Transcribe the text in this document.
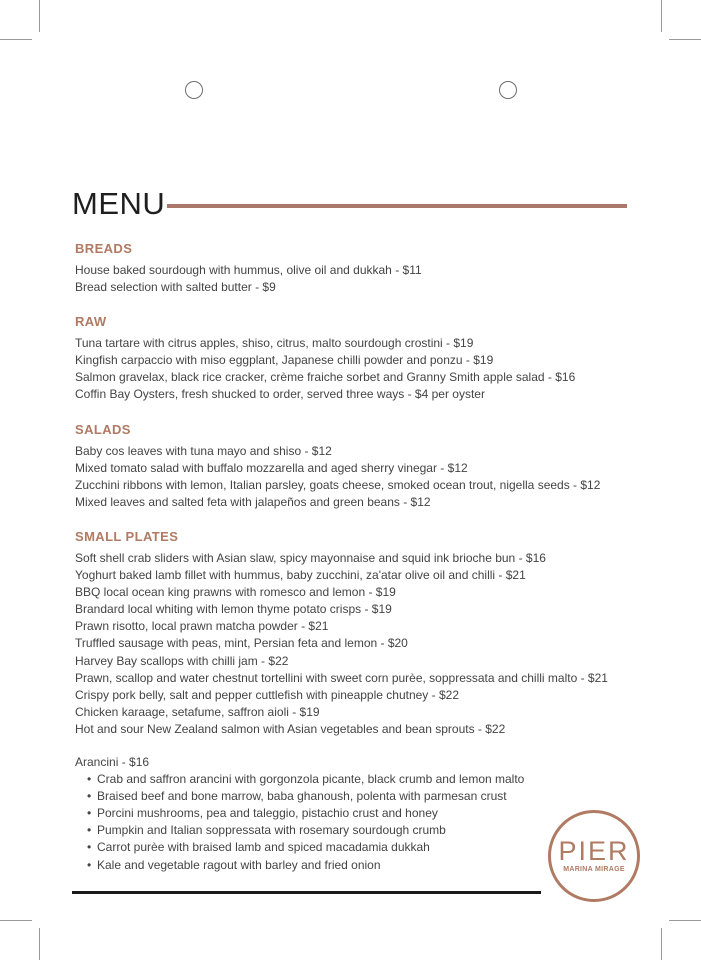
MENU
BREADS
House baked sourdough with hummus, olive oil and dukkah - $11
Bread selection with salted butter - $9
RAW
Tuna tartare with citrus apples, shiso, citrus, malto sourdough crostini - $19
Kingfish carpaccio with miso eggplant, Japanese chilli powder and ponzu - $19
Salmon gravelax, black rice cracker, crème fraiche sorbet and Granny Smith apple salad - $16
Coffin Bay Oysters, fresh shucked to order, served three ways - $4 per oyster
SALADS
Baby cos leaves with tuna mayo and shiso - $12
Mixed tomato salad with buffalo mozzarella and aged sherry vinegar - $12
Zucchini ribbons with lemon, Italian parsley, goats cheese, smoked ocean trout, nigella seeds - $12
Mixed leaves and salted feta with jalapeños and green beans - $12
SMALL PLATES
Soft shell crab sliders with Asian slaw, spicy mayonnaise and squid ink brioche bun - $16
Yoghurt baked lamb fillet with hummus, baby zucchini, za'atar olive oil and chilli - $21
BBQ local ocean king prawns with romesco and lemon - $19
Brandard local whiting with lemon thyme potato crisps - $19
Prawn risotto, local prawn matcha powder - $21
Truffled sausage with peas, mint, Persian feta and lemon - $20
Harvey Bay scallops with chilli jam - $22
Prawn, scallop and water chestnut tortellini with sweet corn purèe, soppressata and chilli malto - $21
Crispy pork belly, salt and pepper cuttlefish with pineapple chutney - $22
Chicken karaage, setafume, saffron aioli - $19
Hot and sour New Zealand salmon with Asian vegetables and bean sprouts - $22
Arancini - $16
• Crab and saffron arancini with gorgonzola picante, black crumb and lemon malto
• Braised beef and bone marrow, baba ghanoush, polenta with parmesan crust
• Porcini mushrooms, pea and taleggio, pistachio crust and honey
• Pumpkin and Italian soppressata with rosemary sourdough crumb
• Carrot purèe with braised lamb and spiced macadamia dukkah
• Kale and vegetable ragout with barley and fried onion	PIER
MARINA MIRAGE
